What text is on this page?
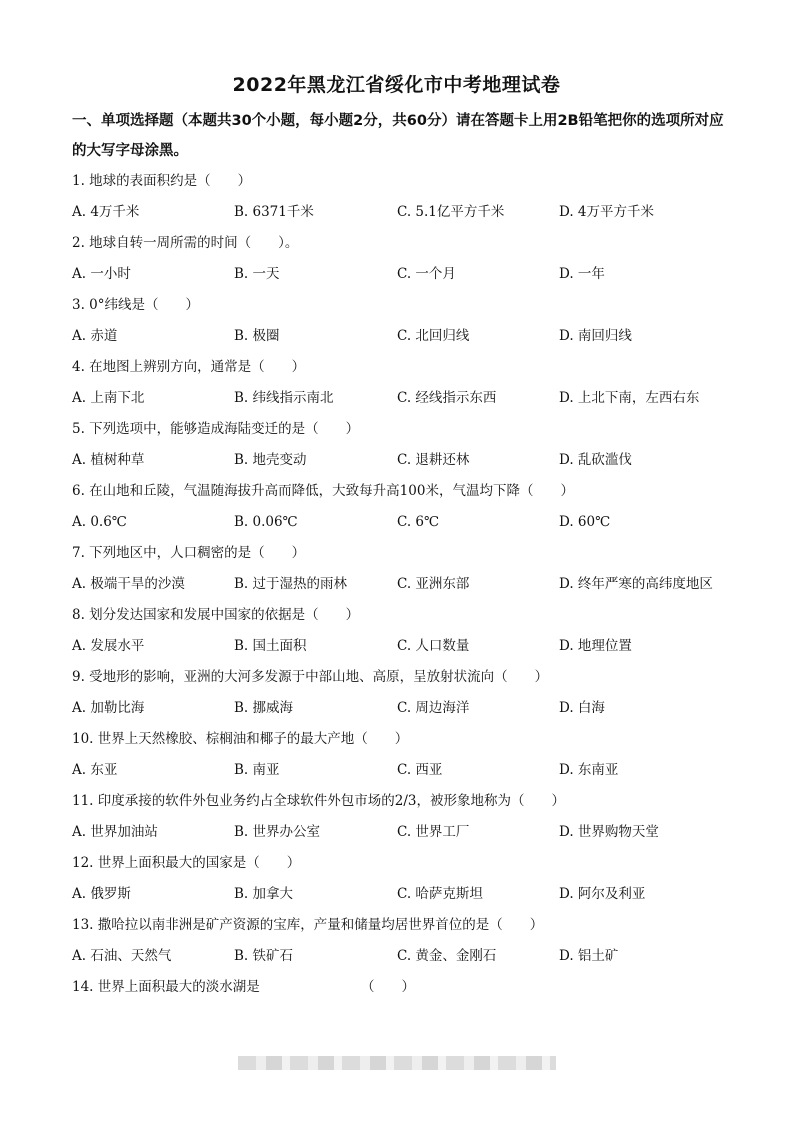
2022年黑龙江省绥化市中考地理试卷
一、单项选择题（本题共30个小题，每小题2分，共60分）请在答题卡上用2B铅笔把你的选项所对应的大写字母涂黑。
1. 地球的表面积约是（　　）
A. 4万千米	B. 6371千米	C. 5.1亿平方千米	D. 4万平方千米
2. 地球自转一周所需的时间（　　）。
A. 一小时	B. 一天	C. 一个月	D. 一年
3. 0°纬线是（　　）
A. 赤道	B. 极圈	C. 北回归线	D. 南回归线
4. 在地图上辨别方向，通常是（　　）
A. 上南下北	B. 纬线指示南北	C. 经线指示东西	D. 上北下南，左西右东
5. 下列选项中，能够造成海陆变迁的是（　　）
A. 植树种草	B. 地壳变动	C. 退耕还林	D. 乱砍滥伐
6. 在山地和丘陵，气温随海拔升高而降低，大致每升高100米，气温均下降（　　）
A. 0.6℃	B. 0.06℃	C. 6℃	D. 60℃
7. 下列地区中，人口稠密的是（　　）
A. 极端干旱的沙漠	B. 过于湿热的雨林	C. 亚洲东部	D. 终年严寒的高纬度地区
8. 划分发达国家和发展中国家的依据是（　　）
A. 发展水平	B. 国土面积	C. 人口数量	D. 地理位置
9. 受地形的影响，亚洲的大河多发源于中部山地、高原，呈放射状流向（　　）
A. 加勒比海	B. 挪威海	C. 周边海洋	D. 白海
10. 世界上天然橡胶、棕榈油和椰子的最大产地（　　）
A. 东亚	B. 南亚	C. 西亚	D. 东南亚
11. 印度承接的软件外包业务约占全球软件外包市场的2/3，被形象地称为（　　）
A. 世界加油站	B. 世界办公室	C. 世界工厂	D. 世界购物天堂
12. 世界上面积最大的国家是（　　）
A. 俄罗斯	B. 加拿大	C. 哈萨克斯坦	D. 阿尔及利亚
13. 撒哈拉以南非洲是矿产资源的宝库，产量和储量均居世界首位的是（　　）
A. 石油、天然气	B. 铁矿石	C. 黄金、金刚石	D. 铝土矿
14. 世界上面积最大的淡水湖是　　　　　　　　（　　）
